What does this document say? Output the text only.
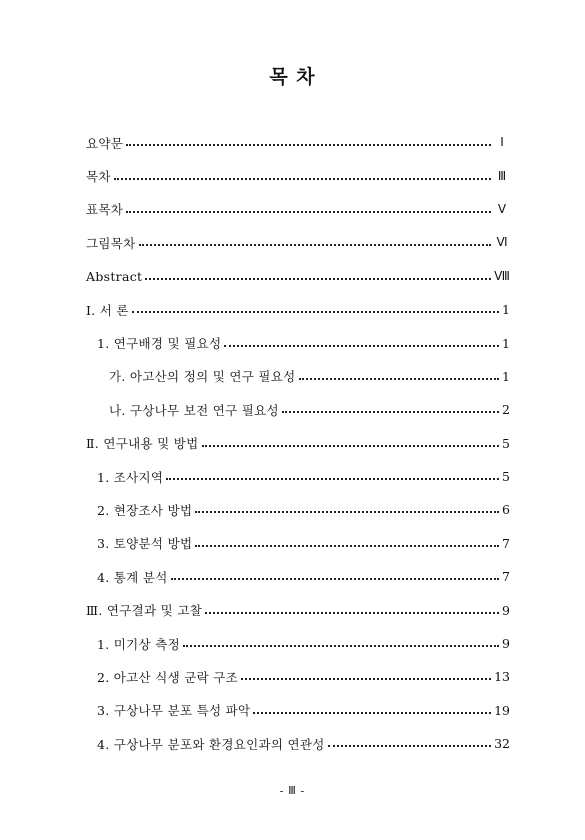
목 차
요약문	Ⅰ
목차	Ⅲ
표목차	Ⅴ
그림목차	Ⅵ
Abstract	Ⅷ
Ⅰ. 서 론	1
1. 연구배경 및 필요성	1
가. 아고산의 정의 및 연구 필요성	1
나. 구상나무 보전 연구 필요성	2
Ⅱ. 연구내용 및 방법	5
1. 조사지역	5
2. 현장조사 방법	6
3. 토양분석 방법	7
4. 통계 분석	7
Ⅲ. 연구결과 및 고찰	9
1. 미기상 측정	9
2. 아고산 식생 군락 구조	13
3. 구상나무 분포 특성 파악	19
4. 구상나무 분포와 환경요인과의 연관성	32
- Ⅲ -
